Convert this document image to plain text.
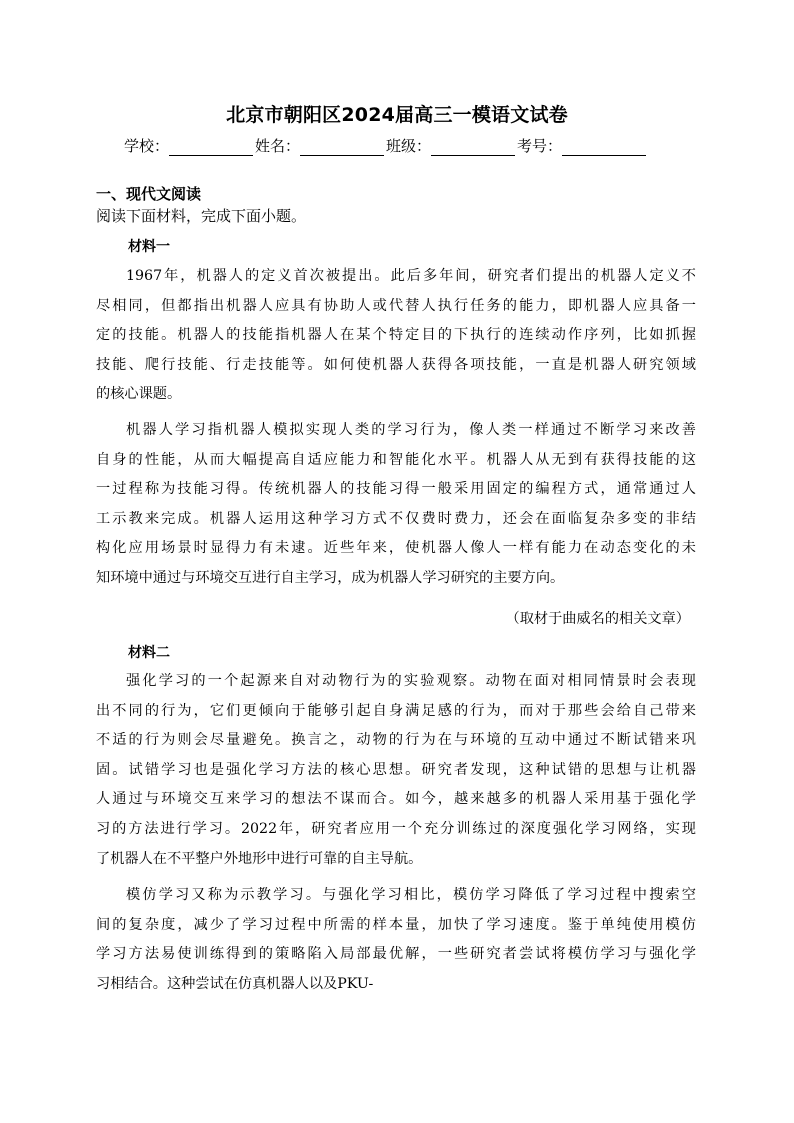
北京市朝阳区2024届高三一模语文试卷
学校：	姓名：	班级：	考号：
一、现代文阅读
阅读下面材料，完成下面小题。
材料一
1967年，机器人的定义首次被提出。此后多年间，研究者们提出的机器人定义不
尽相同，但都指出机器人应具有协助人或代替人执行任务的能力，即机器人应具备一
定的技能。机器人的技能指机器人在某个特定目的下执行的连续动作序列，比如抓握
技能、爬行技能、行走技能等。如何使机器人获得各项技能，一直是机器人研究领域
的核心课题。
机器人学习指机器人模拟实现人类的学习行为，像人类一样通过不断学习来改善
自身的性能，从而大幅提高自适应能力和智能化水平。机器人从无到有获得技能的这
一过程称为技能习得。传统机器人的技能习得一般采用固定的编程方式，通常通过人
工示教来完成。机器人运用这种学习方式不仅费时费力，还会在面临复杂多变的非结
构化应用场景时显得力有未逮。近些年来，使机器人像人一样有能力在动态变化的未
知环境中通过与环境交互进行自主学习，成为机器人学习研究的主要方向。
（取材于曲威名的相关文章）
材料二
强化学习的一个起源来自对动物行为的实验观察。动物在面对相同情景时会表现
出不同的行为，它们更倾向于能够引起自身满足感的行为，而对于那些会给自己带来
不适的行为则会尽量避免。换言之，动物的行为在与环境的互动中通过不断试错来巩
固。试错学习也是强化学习方法的核心思想。研究者发现，这种试错的思想与让机器
人通过与环境交互来学习的想法不谋而合。如今，越来越多的机器人采用基于强化学
习的方法进行学习。2022年，研究者应用一个充分训练过的深度强化学习网络，实现
了机器人在不平整户外地形中进行可靠的自主导航。
模仿学习又称为示教学习。与强化学习相比，模仿学习降低了学习过程中搜索空
间的复杂度，减少了学习过程中所需的样本量，加快了学习速度。鉴于单纯使用模仿
学习方法易使训练得到的策略陷入局部最优解，一些研究者尝试将模仿学习与强化学
习相结合。这种尝试在仿真机器人以及PKU-
